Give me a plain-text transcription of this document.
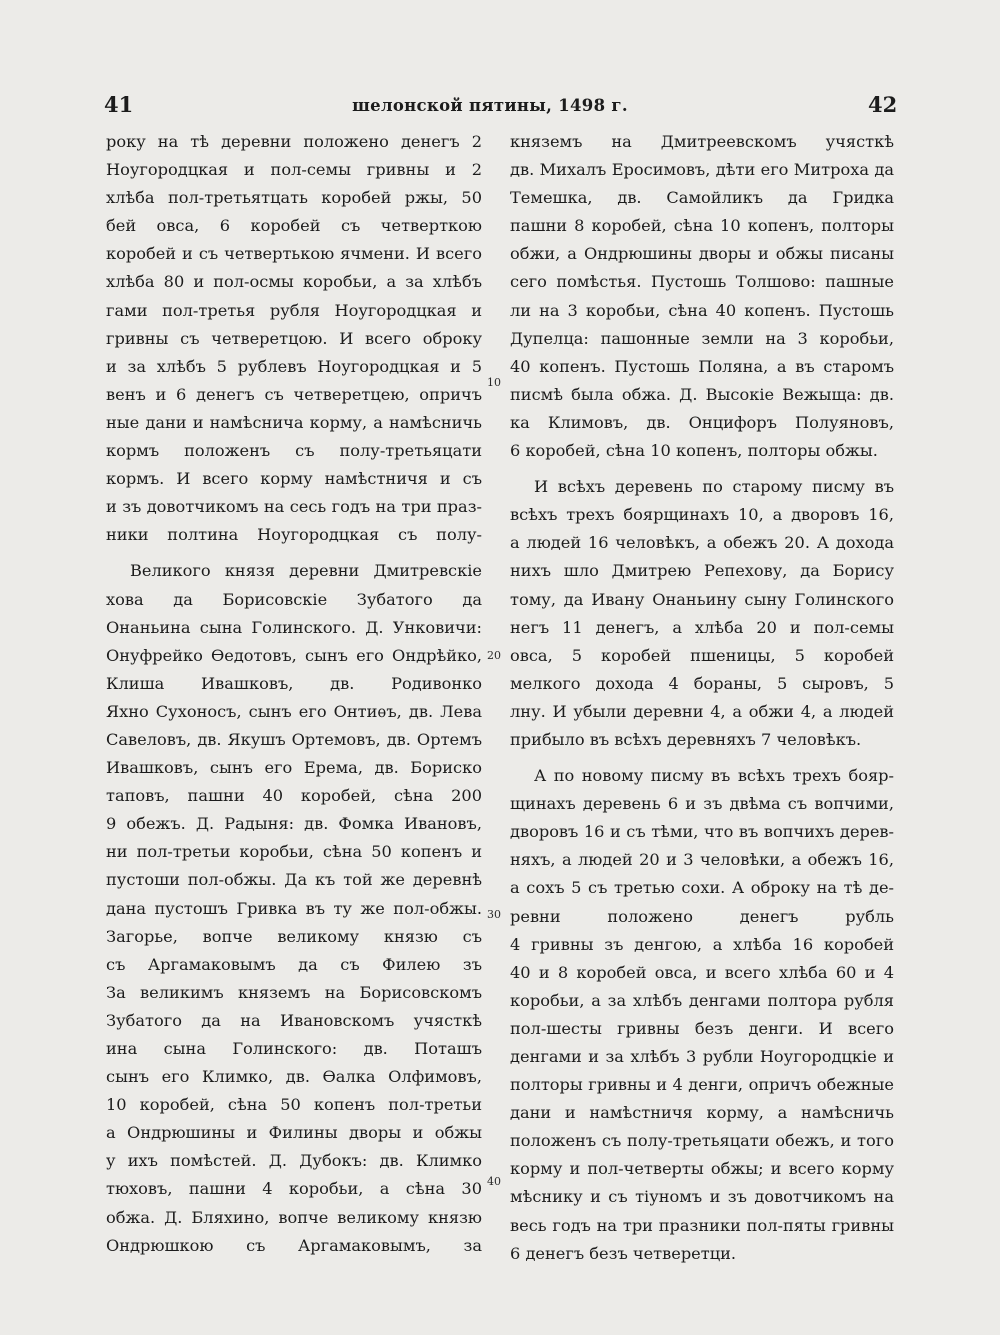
41	шелонской пятины, 1498 г.	42
10
20
30
40
року на тѣ деревни положено денегъ 2
Ноугородцкая и пол-семы гривны и 2
хлѣба пол-третьятцать коробей ржы, 50
бей овса, 6 коробей съ четверткою
коробей и съ четвертькою ячмени. И всего
хлѣба 80 и пол-осмы коробьи, а за хлѣбъ
гами пол-третья рубля Ноугородцкая и
гривны съ четверетцою. И всего оброку
и за хлѣбъ 5 рублевъ Ноугородцкая и 5
венъ и 6 денегъ съ четверетцею, опричъ
ные дани и намѣснича корму, а намѣсничь
кормъ положенъ съ полу-третьяцати
кормъ. И всего корму намѣстничя и съ
и зъ довотчикомъ на сесь годъ на три праз-
ники полтина Ноугородцкая съ полу-
Великого князя деревни Дмитревскіе
хова да Борисовскіе Зубатого да
Онаньина сына Голинского. Д. Унковичи:
Онуфрейко Ѳедотовъ, сынъ его Ондрѣйко,
Клиша Ивашковъ, дв. Родивонко
Яхно Сухоносъ, сынъ его Онтиѳъ, дв. Лева
Савеловъ, дв. Якушъ Ортемовъ, дв. Ортемъ
Ивашковъ, сынъ его Ерема, дв. Бориско
таповъ, пашни 40 коробей, сѣна 200
9 обежъ. Д. Радыня: дв. Фомка Ивановъ,
ни пол-третьи коробьи, сѣна 50 копенъ и
пустоши пол-обжы. Да къ той же деревнѣ
дана пустошъ Гривка въ ту же пол-обжы.
Загорье, вопче великому князю съ
съ Аргамаковымъ да съ Филею зъ
За великимъ княземъ на Борисовскомъ
Зубатого да на Ивановскомъ учясткѣ
ина сына Голинского: дв. Поташъ
сынъ его Климко, дв. Ѳалка Олфимовъ,
10 коробей, сѣна 50 копенъ пол-третьи
а Ондрюшины и Филины дворы и обжы
у ихъ помѣстей. Д. Дубокъ: дв. Климко
тюховъ, пашни 4 коробьи, а сѣна 30
обжа. Д. Бляхино, вопче великому князю
Ондрюшкою съ Аргамаковымъ, за
княземъ на Дмитреевскомъ учясткѣ
дв. Михалъ Еросимовъ, дѣти его Митроха да
Темешка, дв. Самойликъ да Гридка
пашни 8 коробей, сѣна 10 копенъ, полторы
обжи, а Ондрюшины дворы и обжы писаны
сего помѣстья. Пустошь Толшово: пашные
ли на 3 коробьи, сѣна 40 копенъ. Пустошь
Дупелца: пашонные земли на 3 коробьи,
40 копенъ. Пустошь Поляна, а въ старомъ
писмѣ была обжа. Д. Высокіе Вежыща: дв.
ка Климовъ, дв. Онцифоръ Полуяновъ,
6 коробей, сѣна 10 копенъ, полторы обжы.
И всѣхъ деревень по старому писму въ
всѣхъ трехъ боярщинахъ 10, а дворовъ 16,
а людей 16 человѣкъ, а обежъ 20. А дохода
нихъ шло Дмитрею Репехову, да Борису
тому, да Ивану Онаньину сыну Голинского
негъ 11 денегъ, а хлѣба 20 и пол-семы
овса, 5 коробей пшеницы, 5 коробей
мелкого дохода 4 бораны, 5 сыровъ, 5
лну. И убыли деревни 4, а обжи 4, а людей
прибыло въ всѣхъ деревняхъ 7 человѣкъ.
А по новому писму въ всѣхъ трехъ бояр-
щинахъ деревень 6 и зъ двѣма съ вопчими,
дворовъ 16 и съ тѣми, что въ вопчихъ дерев-
няхъ, а людей 20 и 3 человѣки, а обежъ 16,
а сохъ 5 съ третью сохи. А оброку на тѣ де-
ревни положено денегъ рубль
4 гривны зъ денгою, а хлѣба 16 коробей
40 и 8 коробей овса, и всего хлѣба 60 и 4
коробьи, а за хлѣбъ денгами полтора рубля
пол-шесты гривны безъ денги. И всего
денгами и за хлѣбъ 3 рубли Ноугородцкіе и
полторы гривны и 4 денги, опричъ обежные
дани и намѣстничя корму, а намѣсничь
положенъ съ полу-третьяцати обежъ, и того
корму и пол-четверты обжы; и всего корму
мѣснику и съ тіуномъ и зъ довотчикомъ на
весь годъ на три празники пол-пяты гривны
6 денегъ безъ четверетци.
